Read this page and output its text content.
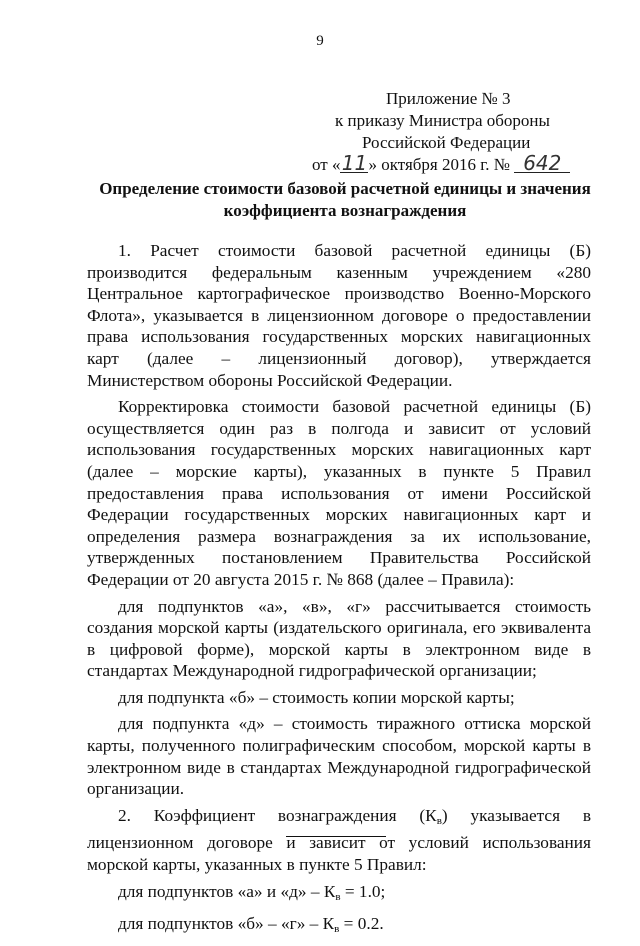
9
Приложение № 3
к приказу Министра обороны
Российской Федерации
от «11» октября 2016 г. № 642
Определение стоимости базовой расчетной единицы и значения
коэффициента вознаграждения

1. Расчет стоимости базовой расчетной единицы (Б) производится федеральным казенным учреждением «280 Центральное картографическое производство Военно-Морского Флота», указывается в лицензионном договоре о предоставлении права использования государственных морских навигационных карт (далее – лицензионный договор), утверждается Министерством обороны Российской Федерации.

Корректировка стоимости базовой расчетной единицы (Б) осуществляется один раз в полгода и зависит от условий использования государственных морских навигационных карт (далее – морские карты), указанных в пункте 5 Правил предоставления права использования от имени Российской Федерации государственных морских навигационных карт и определения размера вознаграждения за их использование, утвержденных постановлением Правительства Российской Федерации от 20 августа 2015 г. № 868 (далее – Правила):

для подпунктов «а», «в», «г» рассчитывается стоимость создания морской карты (издательского оригинала, его эквивалента в цифровой форме), морской карты в электронном виде в стандартах Международной гидрографической организации;

для подпункта «б» – стоимость копии морской карты;

для подпункта «д» – стоимость тиражного оттиска морской карты, полученного полиграфическим способом, морской карты в электронном виде в стандартах Международной гидрографической организации.

2. Коэффициент вознаграждения $(К_в)$ указывается в лицензионном договоре и зависит от условий использования морской карты, указанных в пункте 5 Правил:

для подпунктов «а» и «д» – $К_в = 1.0$;

для подпунктов «б» – «г» – $К_в = 0.2$.
